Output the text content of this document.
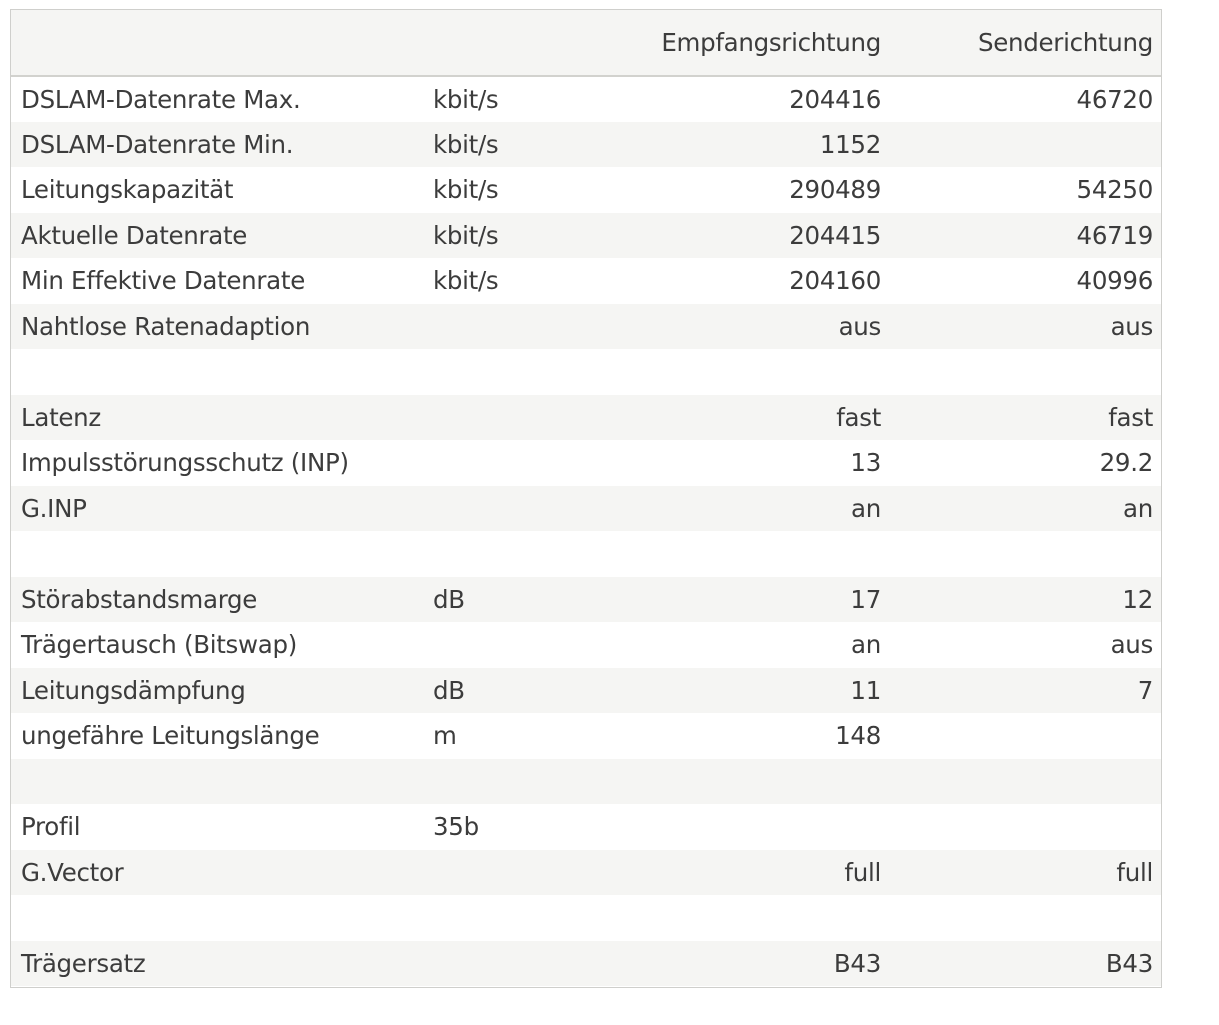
		Empfangsrichtung	Senderichtung
DSLAM-Datenrate Max.	kbit/s	204416	46720
DSLAM-Datenrate Min.	kbit/s	1152	
Leitungskapazität	kbit/s	290489	54250
Aktuelle Datenrate	kbit/s	204415	46719
Min Effektive Datenrate	kbit/s	204160	40996
Nahtlose Ratenadaption		aus	aus

Latenz		fast	fast
Impulsstörungsschutz (INP)		13	29.2
G.INP		an	an

Störabstandsmarge	dB	17	12
Trägertausch (Bitswap)		an	aus
Leitungsdämpfung	dB	11	7
ungefähre Leitungslänge	m	148	

Profil	35b		
G.Vector		full	full

Trägersatz		B43	B43
